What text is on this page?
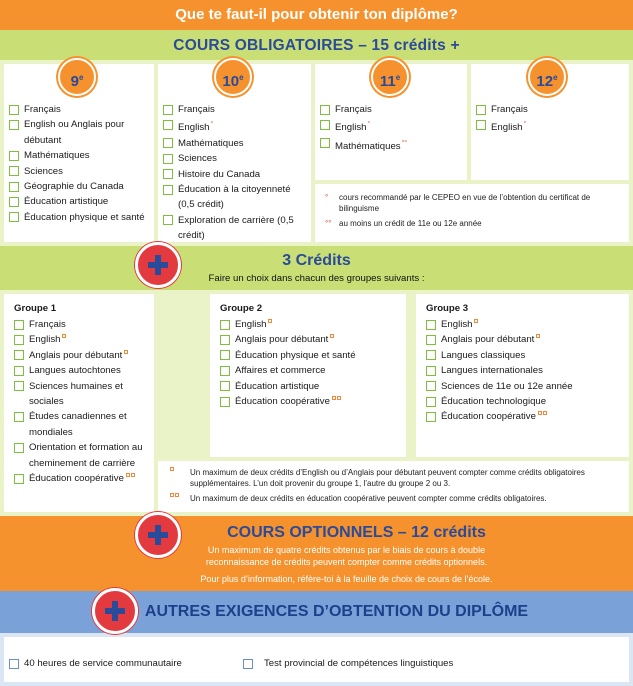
Que te faut-il pour obtenir ton diplôme?
COURS OBLIGATOIRES – 15 crédits +
$9^e$	10e	11e	12e
Français
English ou Anglais pour débutant
Mathématiques
Sciences
Géographie du Canada
Éducation artistique
Éducation physique et santé
Français
English°
Mathématiques
Sciences
Histoire du Canada
Éducation à la citoyenneté (0,5 crédit)
Exploration de carrière (0,5 crédit)
Français
English°
Mathématiques°°
Français
English°
°	cours recommandé par le CEPEO en vue de l’obtention du certificat de bilinguisme
°° au moins un crédit de 11e ou 12e année
3 Crédits
Faire un choix dans chacun des groupes suivants :
Groupe 1
Français
English
Anglais pour débutant
Langues autochtones
Sciences humaines et sociales
Études canadiennes et mondiales
Orientation et formation au cheminement de carrière
Éducation coopérative
Groupe 2
English
Anglais pour débutant
Éducation physique et santé
Affaires et commerce
Éducation artistique
Éducation coopérative
Groupe 3
English
Anglais pour débutant
Langues classiques
Langues internationales
Sciences de 11e ou 12e année
Éducation technologique
Éducation coopérative
Un maximum de deux crédits d’English ou d’Anglais pour débutant peuvent compter comme crédits obligatoires supplémentaires. L’un doit provenir du groupe 1, l’autre du groupe 2 ou 3.
Un maximum de deux crédits en éducation coopérative peuvent compter comme crédits obligatoires.
COURS OPTIONNELS – 12 crédits
Un maximum de quatre crédits obtenus par le biais de cours à double
reconnaissance de crédits peuvent compter comme crédits optionnels.
Pour plus d’information, réfère-toi à la feuille de choix de cours de l’école.
AUTRES EXIGENCES D’OBTENTION DU DIPLÔME
40 heures de service communautaire	Test provincial de compétences linguistiques
